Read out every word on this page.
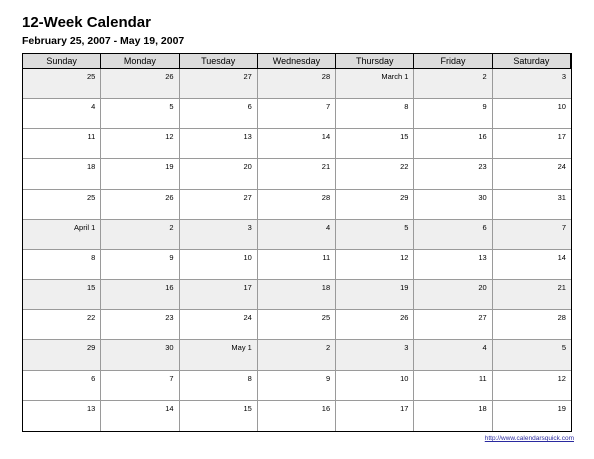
12-Week Calendar
February 25, 2007 - May 19, 2007
Sunday	Monday	Tuesday	Wednesday	Thursday	Friday	Saturday
25	26	27	28	March 1	2	3
4	5	6	7	8	9	10
11	12	13	14	15	16	17
18	19	20	21	22	23	24
25	26	27	28	29	30	31
April 1	2	3	4	5	6	7
8	9	10	11	12	13	14
15	16	17	18	19	20	21
22	23	24	25	26	27	28
29	30	May 1	2	3	4	5
6	7	8	9	10	11	12
13	14	15	16	17	18	19
http://www.calendarsquick.com
